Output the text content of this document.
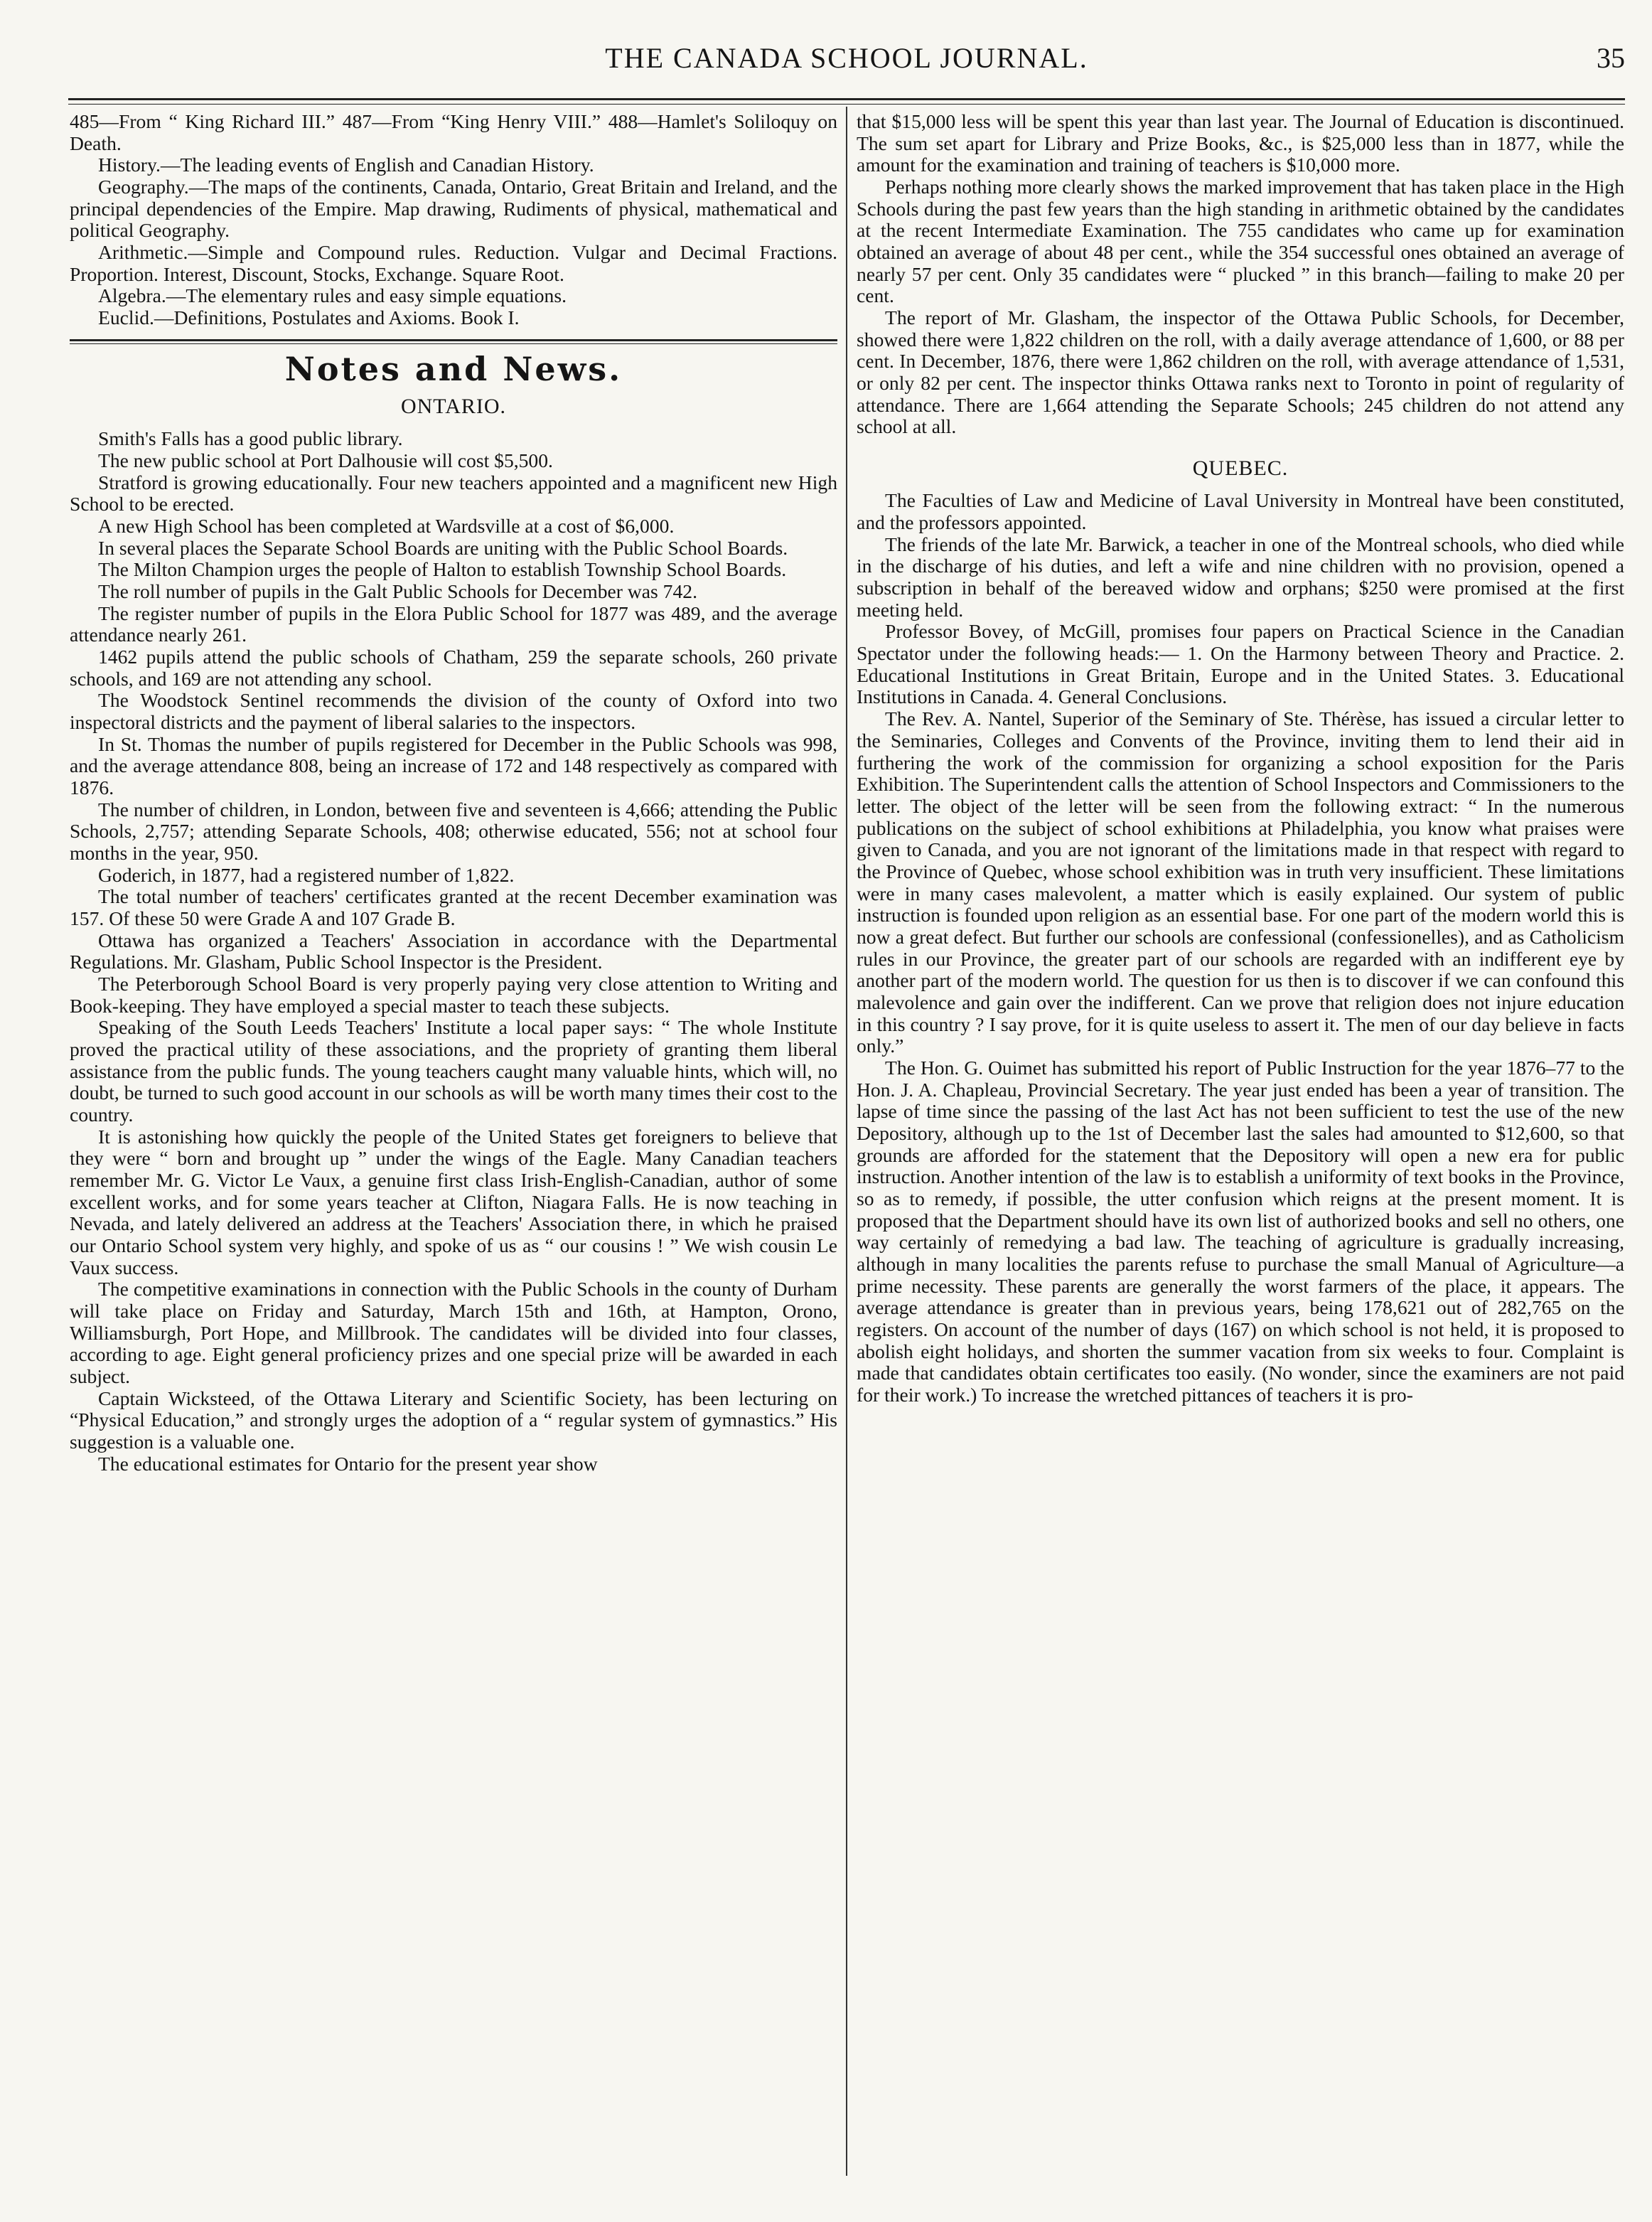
THE CANADA SCHOOL JOURNAL.	35

485—From “ King Richard III.” 487—From “King Henry VIII.” 488—Hamlet's Soliloquy on Death.

History.—The leading events of English and Canadian History.

Geography.—The maps of the continents, Canada, Ontario, Great Britain and Ireland, and the principal dependencies of the Empire. Map drawing, Rudiments of physical, mathematical and political Geography.

Arithmetic.—Simple and Compound rules. Reduction. Vulgar and Decimal Fractions. Proportion. Interest, Discount, Stocks, Exchange. Square Root.

Algebra.—The elementary rules and easy simple equations.

Euclid.—Definitions, Postulates and Axioms. Book I.

Notes and News.
ONTARIO.

Smith's Falls has a good public library.

The new public school at Port Dalhousie will cost $5,500.

Stratford is growing educationally. Four new teachers appointed and a magnificent new High School to be erected.

A new High School has been completed at Wardsville at a cost of $6,000.

In several places the Separate School Boards are uniting with the Public School Boards.

The Milton Champion urges the people of Halton to establish Township School Boards.

The roll number of pupils in the Galt Public Schools for December was 742.

The register number of pupils in the Elora Public School for 1877 was 489, and the average attendance nearly 261.

1462 pupils attend the public schools of Chatham, 259 the separate schools, 260 private schools, and 169 are not attending any school.

The Woodstock Sentinel recommends the division of the county of Oxford into two inspectoral districts and the payment of liberal salaries to the inspectors.

In St. Thomas the number of pupils registered for December in the Public Schools was 998, and the average attendance 808, being an increase of 172 and 148 respectively as compared with 1876.

The number of children, in London, between five and seventeen is 4,666; attending the Public Schools, 2,757; attending Separate Schools, 408; otherwise educated, 556; not at school four months in the year, 950.

Goderich, in 1877, had a registered number of 1,822.

The total number of teachers' certificates granted at the recent December examination was 157. Of these 50 were Grade A and 107 Grade B.

Ottawa has organized a Teachers' Association in accordance with the Departmental Regulations. Mr. Glasham, Public School Inspector is the President.

The Peterborough School Board is very properly paying very close attention to Writing and Book-keeping. They have employed a special master to teach these subjects.

Speaking of the South Leeds Teachers' Institute a local paper says: “ The whole Institute proved the practical utility of these associations, and the propriety of granting them liberal assistance from the public funds. The young teachers caught many valuable hints, which will, no doubt, be turned to such good account in our schools as will be worth many times their cost to the country.

It is astonishing how quickly the people of the United States get foreigners to believe that they were “ born and brought up ” under the wings of the Eagle. Many Canadian teachers remember Mr. G. Victor Le Vaux, a genuine first class Irish-English-Canadian, author of some excellent works, and for some years teacher at Clifton, Niagara Falls. He is now teaching in Nevada, and lately delivered an address at the Teachers' Association there, in which he praised our Ontario School system very highly, and spoke of us as “ our cousins ! ” We wish cousin Le Vaux success.

The competitive examinations in connection with the Public Schools in the county of Durham will take place on Friday and Saturday, March 15th and 16th, at Hampton, Orono, Williamsburgh, Port Hope, and Millbrook. The candidates will be divided into four classes, according to age. Eight general proficiency prizes and one special prize will be awarded in each subject.

Captain Wicksteed, of the Ottawa Literary and Scientific Society, has been lecturing on “Physical Education,” and strongly urges the adoption of a “ regular system of gymnastics.” His suggestion is a valuable one.

The educational estimates for Ontario for the present year show

that $15,000 less will be spent this year than last year. The Journal of Education is discontinued. The sum set apart for Library and Prize Books, &c., is $25,000 less than in 1877, while the amount for the examination and training of teachers is $10,000 more.

Perhaps nothing more clearly shows the marked improvement that has taken place in the High Schools during the past few years than the high standing in arithmetic obtained by the candidates at the recent Intermediate Examination. The 755 candidates who came up for examination obtained an average of about 48 per cent., while the 354 successful ones obtained an average of nearly 57 per cent. Only 35 candidates were “ plucked ” in this branch—failing to make 20 per cent.

The report of Mr. Glasham, the inspector of the Ottawa Public Schools, for December, showed there were 1,822 children on the roll, with a daily average attendance of 1,600, or 88 per cent. In December, 1876, there were 1,862 children on the roll, with average attendance of 1,531, or only 82 per cent. The inspector thinks Ottawa ranks next to Toronto in point of regularity of attendance. There are 1,664 attending the Separate Schools; 245 children do not attend any school at all.

QUEBEC.

The Faculties of Law and Medicine of Laval University in Montreal have been constituted, and the professors appointed.

The friends of the late Mr. Barwick, a teacher in one of the Montreal schools, who died while in the discharge of his duties, and left a wife and nine children with no provision, opened a subscription in behalf of the bereaved widow and orphans; $250 were promised at the first meeting held.

Professor Bovey, of McGill, promises four papers on Practical Science in the Canadian Spectator under the following heads:— 1. On the Harmony between Theory and Practice. 2. Educational Institutions in Great Britain, Europe and in the United States. 3. Educational Institutions in Canada. 4. General Conclusions.

The Rev. A. Nantel, Superior of the Seminary of Ste. Thérèse, has issued a circular letter to the Seminaries, Colleges and Convents of the Province, inviting them to lend their aid in furthering the work of the commission for organizing a school exposition for the Paris Exhibition. The Superintendent calls the attention of School Inspectors and Commissioners to the letter. The object of the letter will be seen from the following extract: “ In the numerous publications on the subject of school exhibitions at Philadelphia, you know what praises were given to Canada, and you are not ignorant of the limitations made in that respect with regard to the Province of Quebec, whose school exhibition was in truth very insufficient. These limitations were in many cases malevolent, a matter which is easily explained. Our system of public instruction is founded upon religion as an essential base. For one part of the modern world this is now a great defect. But further our schools are confessional (confessionelles), and as Catholicism rules in our Province, the greater part of our schools are regarded with an indifferent eye by another part of the modern world. The question for us then is to discover if we can confound this malevolence and gain over the indifferent. Can we prove that religion does not injure education in this country ? I say prove, for it is quite useless to assert it. The men of our day believe in facts only.”

The Hon. G. Ouimet has submitted his report of Public Instruction for the year 1876–77 to the Hon. J. A. Chapleau, Provincial Secretary. The year just ended has been a year of transition. The lapse of time since the passing of the last Act has not been sufficient to test the use of the new Depository, although up to the 1st of December last the sales had amounted to $12,600, so that grounds are afforded for the statement that the Depository will open a new era for public instruction. Another intention of the law is to establish a uniformity of text books in the Province, so as to remedy, if possible, the utter confusion which reigns at the present moment. It is proposed that the Department should have its own list of authorized books and sell no others, one way certainly of remedying a bad law. The teaching of agriculture is gradually increasing, although in many localities the parents refuse to purchase the small Manual of Agriculture—a prime necessity. These parents are generally the worst farmers of the place, it appears. The average attendance is greater than in previous years, being 178,621 out of 282,765 on the registers. On account of the number of days (167) on which school is not held, it is proposed to abolish eight holidays, and shorten the summer vacation from six weeks to four. Complaint is made that candidates obtain certificates too easily. (No wonder, since the examiners are not paid for their work.) To increase the wretched pittances of teachers it is pro-
